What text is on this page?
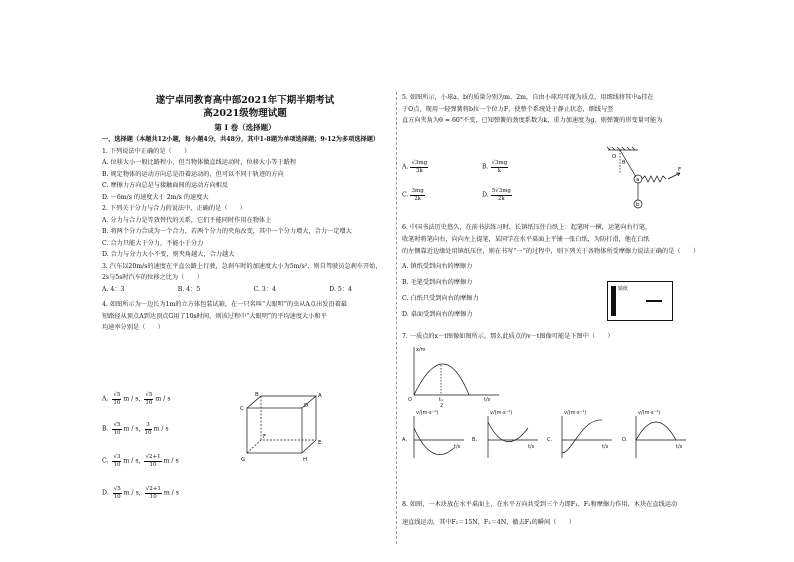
遂宁卓同教育高中部2021年下期半期考试
高2021级物理试题
第 I 卷（选择题）
一、选择题（本题共12小题，每小题4分，共48分，其中1-8题为单项选择题；9-12为多项选择题）
1. 下列说法中正确的是（　　）
A. 位移大小一般比路程小，但当物体做直线运动时，位移大小等于路程
B. 规定物体的运动方向总是沿着运动的，但可以不同于轨迹的方向
C. 摩擦力方向总是与接触面间的运动方向相反
D. －6m/s 的速度大于 2m/s 的速度大
2. 下列关于分力与合力的说法中，正确的是（　　）
A. 分力与合力是等效替代的关系，它们不能同时作用在物体上
B. 将两个分力合成为一个合力，若两个分力的夹角改变，其中一个分力增大，合力一定增大
C. 合力只能大于分力，不能小于分力
D. 合力与分力大小不变，则夹角越大，合力越大
3. 汽车以20m/s的速度在平直公路上行驶，急刹车时的加速度大小为5m/s²，则自驾驶员急刹车开始，
2s与5s时汽车的位移之比为（　　）
A. 4：3	B. 4：5	C. 3：4	D. 5：4
4. 如图所示为一边长为1m的立方体包装试箱，在一只名叫“大眼明”的虫从A点出发沿着最
短路径从顶点A到达顶点G用了10s时间，则该过程中“大眼明”的平均速度大小和平
均速率分别是（　　）
A. $\frac{√5}{10}$ m / s, $\frac{√5}{10}$ m / s
B. $\frac{√5}{10}$ m / s, $\frac{3}{10}$ m / s
C. $\frac{√3}{10}$ m / s, $\frac{√2+1}{10}$ m / s
D. $\frac{√5}{10}$ m / s, $\frac{√2+1}{10}$ m / s
B	A
C	D
F
E
G	H
5. 如图所示，小球a、b的质量分别为m、2m，自由小球均可视为质点，用细线将其中a挂在
于O点，现用一轻弹簧将b拉一个位力F，使整个系统处于静止状态，细线与竖
直方向夹角为θ = 60°不变，已知弹簧的劲度系数为k，重力加速度为g，则弹簧的形变量可能为
A. $\frac{√3mg}{3k}$	B. $\frac{√3mg}{k}$
C. $\frac{3mg}{2k}$	D. $\frac{5√3mg}{2k}$
O
θ
a
F
b
6. 中国书法历史悠久，在前书法练习时，长镇纸压住白纸上：起笔时一横，运笔向右行笔，
收笔时将笔向右，向向左上提笔，某同学在水平桌面上平铺一张白纸，为防打滑，他在白纸
的左侧靠近边缘处用镇纸压住，则在书写“一”的过程中，则下列关于各物体所受摩擦力说法正确的是（　　）
A. 镇纸受到向右的摩擦力
B. 毛笔受到向右的摩擦力
C. 白纸只受到向右的摩擦力
D. 桌面受到向右的摩擦力
镇纸
7. 一质点的x－t图像如图所示，那么此质点的v－t图像可能是下图中（　　）
x/m
O	t₁
2
t/s
A.	B.	C.	D.
v/(m·s⁻¹)	v/(m·s⁻¹)	v/(m·s⁻¹)	v/(m·s⁻¹)
t/s	t/s	t/s	t/s
8. 如图，一木块放在水平桌面上，在水平方向共受到三个力即F₁、F₂和摩擦力作用，木块在直线运动
速直线运动，其中F₁＝15N，F₂＝4N，撤去F₁的瞬间（　　）
